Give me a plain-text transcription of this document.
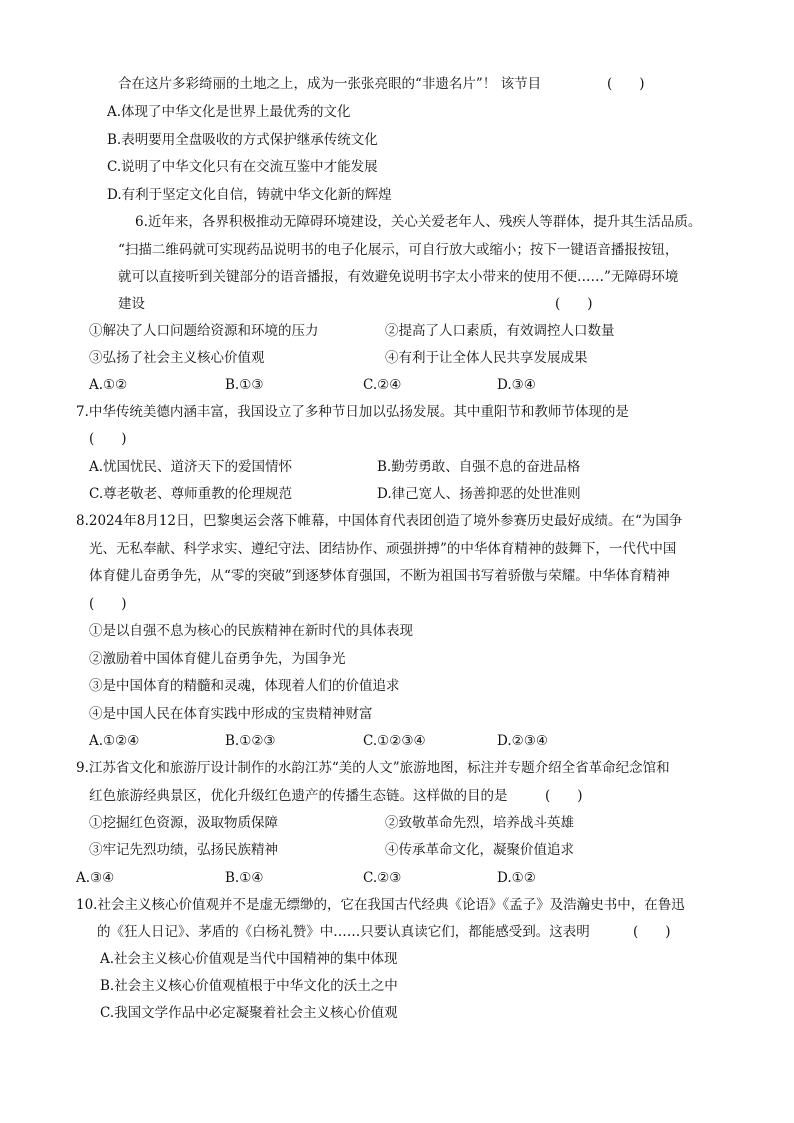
合在这片多彩绮丽的土地之上，成为一张张亮眼的“非遗名片”！ 该节目	(　　)
A.体现了中华文化是世界上最优秀的文化
B.表明要用全盘吸收的方式保护继承传统文化
C.说明了中华文化只有在交流互鉴中才能发展
D.有利于坚定文化自信，铸就中华文化新的辉煌
6.近年来，各界积极推动无障碍环境建设，关心关爱老年人、残疾人等群体，提升其生活品质。
“扫描二维码就可实现药品说明书的电子化展示，可自行放大或缩小；按下一键语音播报按钮，
就可以直接听到关键部分的语音播报，有效避免说明书字太小带来的使用不便……”无障碍环境
建设	(　　)
①解决了人口问题给资源和环境的压力	②提高了人口素质，有效调控人口数量
③弘扬了社会主义核心价值观	④有利于让全体人民共享发展成果
A.①②	B.①③	C.②④	D.③④
7.中华传统美德内涵丰富，我国设立了多种节日加以弘扬发展。其中重阳节和教师节体现的是
(　　)
A.忧国忧民、道济天下的爱国情怀	B.勤劳勇敢、自强不息的奋进品格
C.尊老敬老、尊师重教的伦理规范	D.律己宽人、扬善抑恶的处世准则
8.2024年8月12日，巴黎奥运会落下帷幕，中国体育代表团创造了境外参赛历史最好成绩。在“为国争
光、无私奉献、科学求实、遵纪守法、团结协作、顽强拼搏”的中华体育精神的鼓舞下，一代代中国
体育健儿奋勇争先，从“零的突破”到逐梦体育强国，不断为祖国书写着骄傲与荣耀。中华体育精神
(　　)
①是以自强不息为核心的民族精神在新时代的具体表现
②激励着中国体育健儿奋勇争先，为国争光
③是中国体育的精髓和灵魂，体现着人们的价值追求
④是中国人民在体育实践中形成的宝贵精神财富
A.①②④	B.①②③	C.①②③④	D.②③④
9.江苏省文化和旅游厅设计制作的水韵江苏“美的人文”旅游地图，标注并专题介绍全省革命纪念馆和
红色旅游经典景区，优化升级红色遗产的传播生态链。这样做的目的是	(　　)
①挖掘红色资源，汲取物质保障	②致敬革命先烈，培养战斗英雄
③牢记先烈功绩，弘扬民族精神	④传承革命文化，凝聚价值追求
A.③④	B.①④	C.②③	D.①②
10.社会主义核心价值观并不是虚无缥缈的，它在我国古代经典《论语》《孟子》及浩瀚史书中，在鲁迅
的《狂人日记》、茅盾的《白杨礼赞》中……只要认真读它们，都能感受到。这表明	(　　)
A.社会主义核心价值观是当代中国精神的集中体现
B.社会主义核心价值观植根于中华文化的沃土之中
C.我国文学作品中必定凝聚着社会主义核心价值观
